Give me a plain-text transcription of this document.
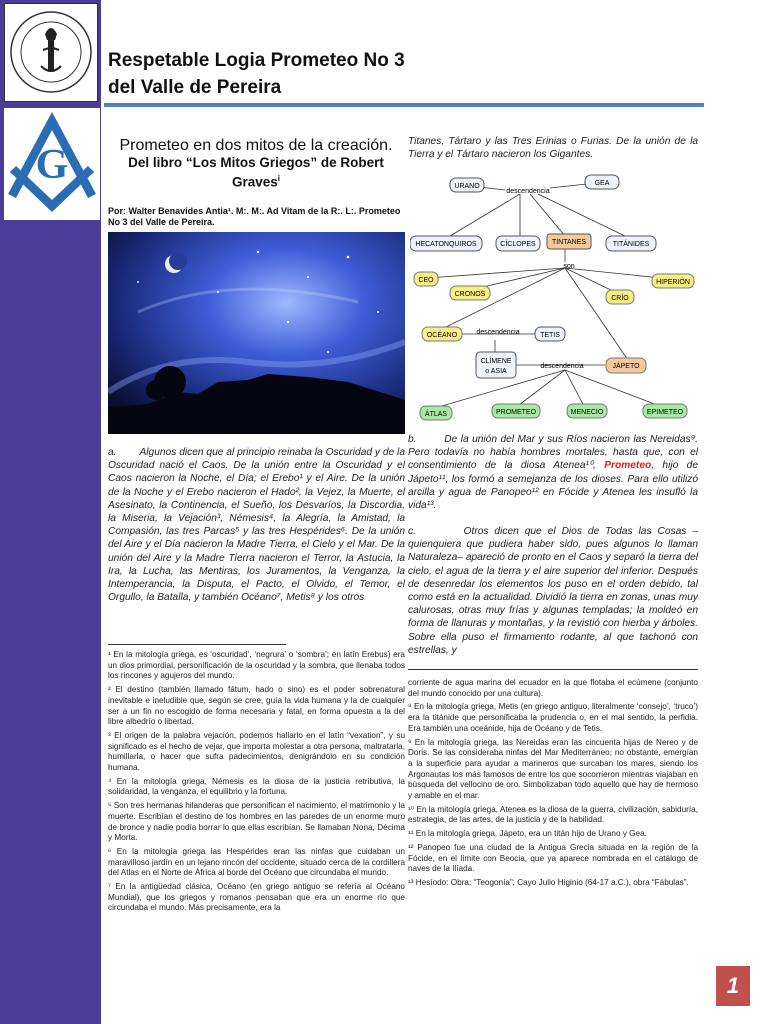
G
Respetable Logia Prometeo No 3
del Valle de Pereira
Prometeo en dos mitos de la creación.
Del libro “Los Mitos Griegos” de Robert
Graves$^i$
Por: Walter Benavides Antia¹. M:. M:. Ad Vitam de la R:. L:. Prometeo No 3 del Valle de Pereira.
Titanes, Tártaro y las Tres Erinias o Furias. De la unión de la Tierra y el Tártaro nacieron los Gigantes.
URANO	GEA
descendencia
HECATONQUIROS	CÍCLOPES TINTANES	TITÁNIDES
son
CEO	HIPERIÓN
CRONOS
CRÍO
OCÉANO	descendencia	TETIS
CLÍMENE
o ASIA
descendencia	JÁPETO
ÁTLAS	PROMETEO	MENECIO	EPIMETEO
a.        Algunos dicen que al principio reinaba la Oscuridad y de la Oscuridad nació el Caos. De la unión entre la Oscuridad y el Caos nacieron la Noche, el Día; el Erebo¹ y el Aire. De la unión de la Noche y el Erebo nacieron el Hado², la Vejez, la Muerte, el Asesinato, la Continencia, el Sueño, los Desvaríos, la Discordia, la Miseria, la Vejación³, Némesis⁴, la Alegría, la Amistad, la Compasión, las tres Parcas⁵ y las tres Hespérides⁶. De la unión del Aire y el Día nacieron la Madre Tierra, el Cielo y el Mar. De la unión del Aire y la Madre Tierra nacieron el Terror, la Astucia, la Ira, la Lucha, las Mentiras, los Juramentos, la Venganza, la Intemperancia, la Disputa, el Pacto, el Olvido, el Temor, el Orgullo, la Batalla, y también Océano⁷, Metis⁸ y los otros
b.        De la unión del Mar y sus Ríos nacieron las Nereidas⁹. Pero todavía no había hombres mortales, hasta que, con el consentimiento de la diosa Atenea¹⁰, Prometeo, hijo de Jápeto¹¹, los formó a semejanza de los dioses. Para ello utilizó arcilla y agua de Panopeo¹² en Fócide y Atenea les insufló la vida¹³.
c.        Otros dicen que el Dios de Todas las Cosas – quienquiera que pudiera haber sido, pues algunos lo llaman Naturaleza– apareció de pronto en el Caos y separó la tierra del cielo, el agua de la tierra y el aire superior del inferior. Después de desenredar los elementos los puso en el orden debido, tal como está en la actualidad. Dividió la tierra en zonas, unas muy calurosas, otras muy frías y algunas templadas; la moldeó en forma de llanuras y montañas, y la revistió con hierba y árboles. Sobre ella puso el firmamento rodante, al que tachonó con estrellas, y

¹ En la mitología griega, es ‘oscuridad’, ‘negrura’ o ‘sombra’; en latín Erebus) era un dios primordial, personificación de la oscuridad y la sombra, que llenaba todos los rincones y agujeros del mundo.

² El destino (también llamado fátum, hado o sino) es el poder sobrenatural inevitable e ineludible que, según se cree, guía la vida humana y la de cualquier ser a un fin no escogido de forma necesaria y fatal, en forma opuesta a la del libre albedrío o libertad.

³ El origen de la palabra vejación, podemos hallarlo en el latín “vexation”, y su significado es el hecho de vejar, que importa molestar a otra persona, maltratarla, humillarla, o hacer que sufra padecimientos, denigrándolo en su condición humana.

⁴ En la mitología griega, Némesis es la diosa de la justicia retributiva, la solidaridad, la venganza, el equilibrio y la fortuna.

⁵ Son tres hermanas hilanderas que personifican el nacimiento, el matrimonio y la muerte. Escribían el destino de los hombres en las paredes de un enorme muro de bronce y nadie podía borrar lo que ellas escribían. Se llamaban Nona, Décima y Morta.

⁶ En la mitología griega las Hespérides eran las ninfas que cuidaban un maravilloso jardín en un lejano rincón del occidente, situado cerca de la cordillera del Atlas en el Norte de África al borde del Océano que circundaba el mundo.

⁷ En la antigüedad clásica, Océano (en griego antiguo se refería al Océano Mundial), que los griegos y romanos pensaban que era un enorme río que circundaba el mundo. Más precisamente, era la

corriente de agua marina del ecuador en la que flotaba el ecúmene (conjunto del mundo conocido por una cultura).

⁸ En la mitología griega, Metis (en griego antiguo, literalmente ‘consejo’, ‘truco’) era la titánide que personificaba la prudencia o, en el mal sentido, la perfidia. Era también una oceánide, hija de Océano y de Tetis.

⁹ En la mitología griega, las Nereidas eran las cincuenta hijas de Nereo y de Doris. Se las consideraba ninfas del Mar Mediterráneo; no obstante, emergían a la superficie para ayudar a marineros que surcaban los mares, siendo los Argonautas los más famosos de entre los que socorrieron mientras viajaban en búsqueda del vellocino de oro. Simbolizaban todo aquello que hay de hermoso y amable en el mar.

¹⁰ En la mitología griega, Atenea es la diosa de la guerra, civilización, sabiduría, estrategia, de las artes, de la justicia y de la habilidad.

¹¹ En la mitología griega, Jápeto, era un titán hijo de Urano y Gea.

¹² Panopeo fue una ciudad de la Antigua Grecia situada en la región de la Fócide, en el límite con Beocia, que ya aparece nombrada en el catálogo de naves de la Ilíada.

¹³ Hesíodo: Obra: “Teogonía”; Cayo Julio Higinio (64-17 a.C.), obra “Fábulas”.

1
